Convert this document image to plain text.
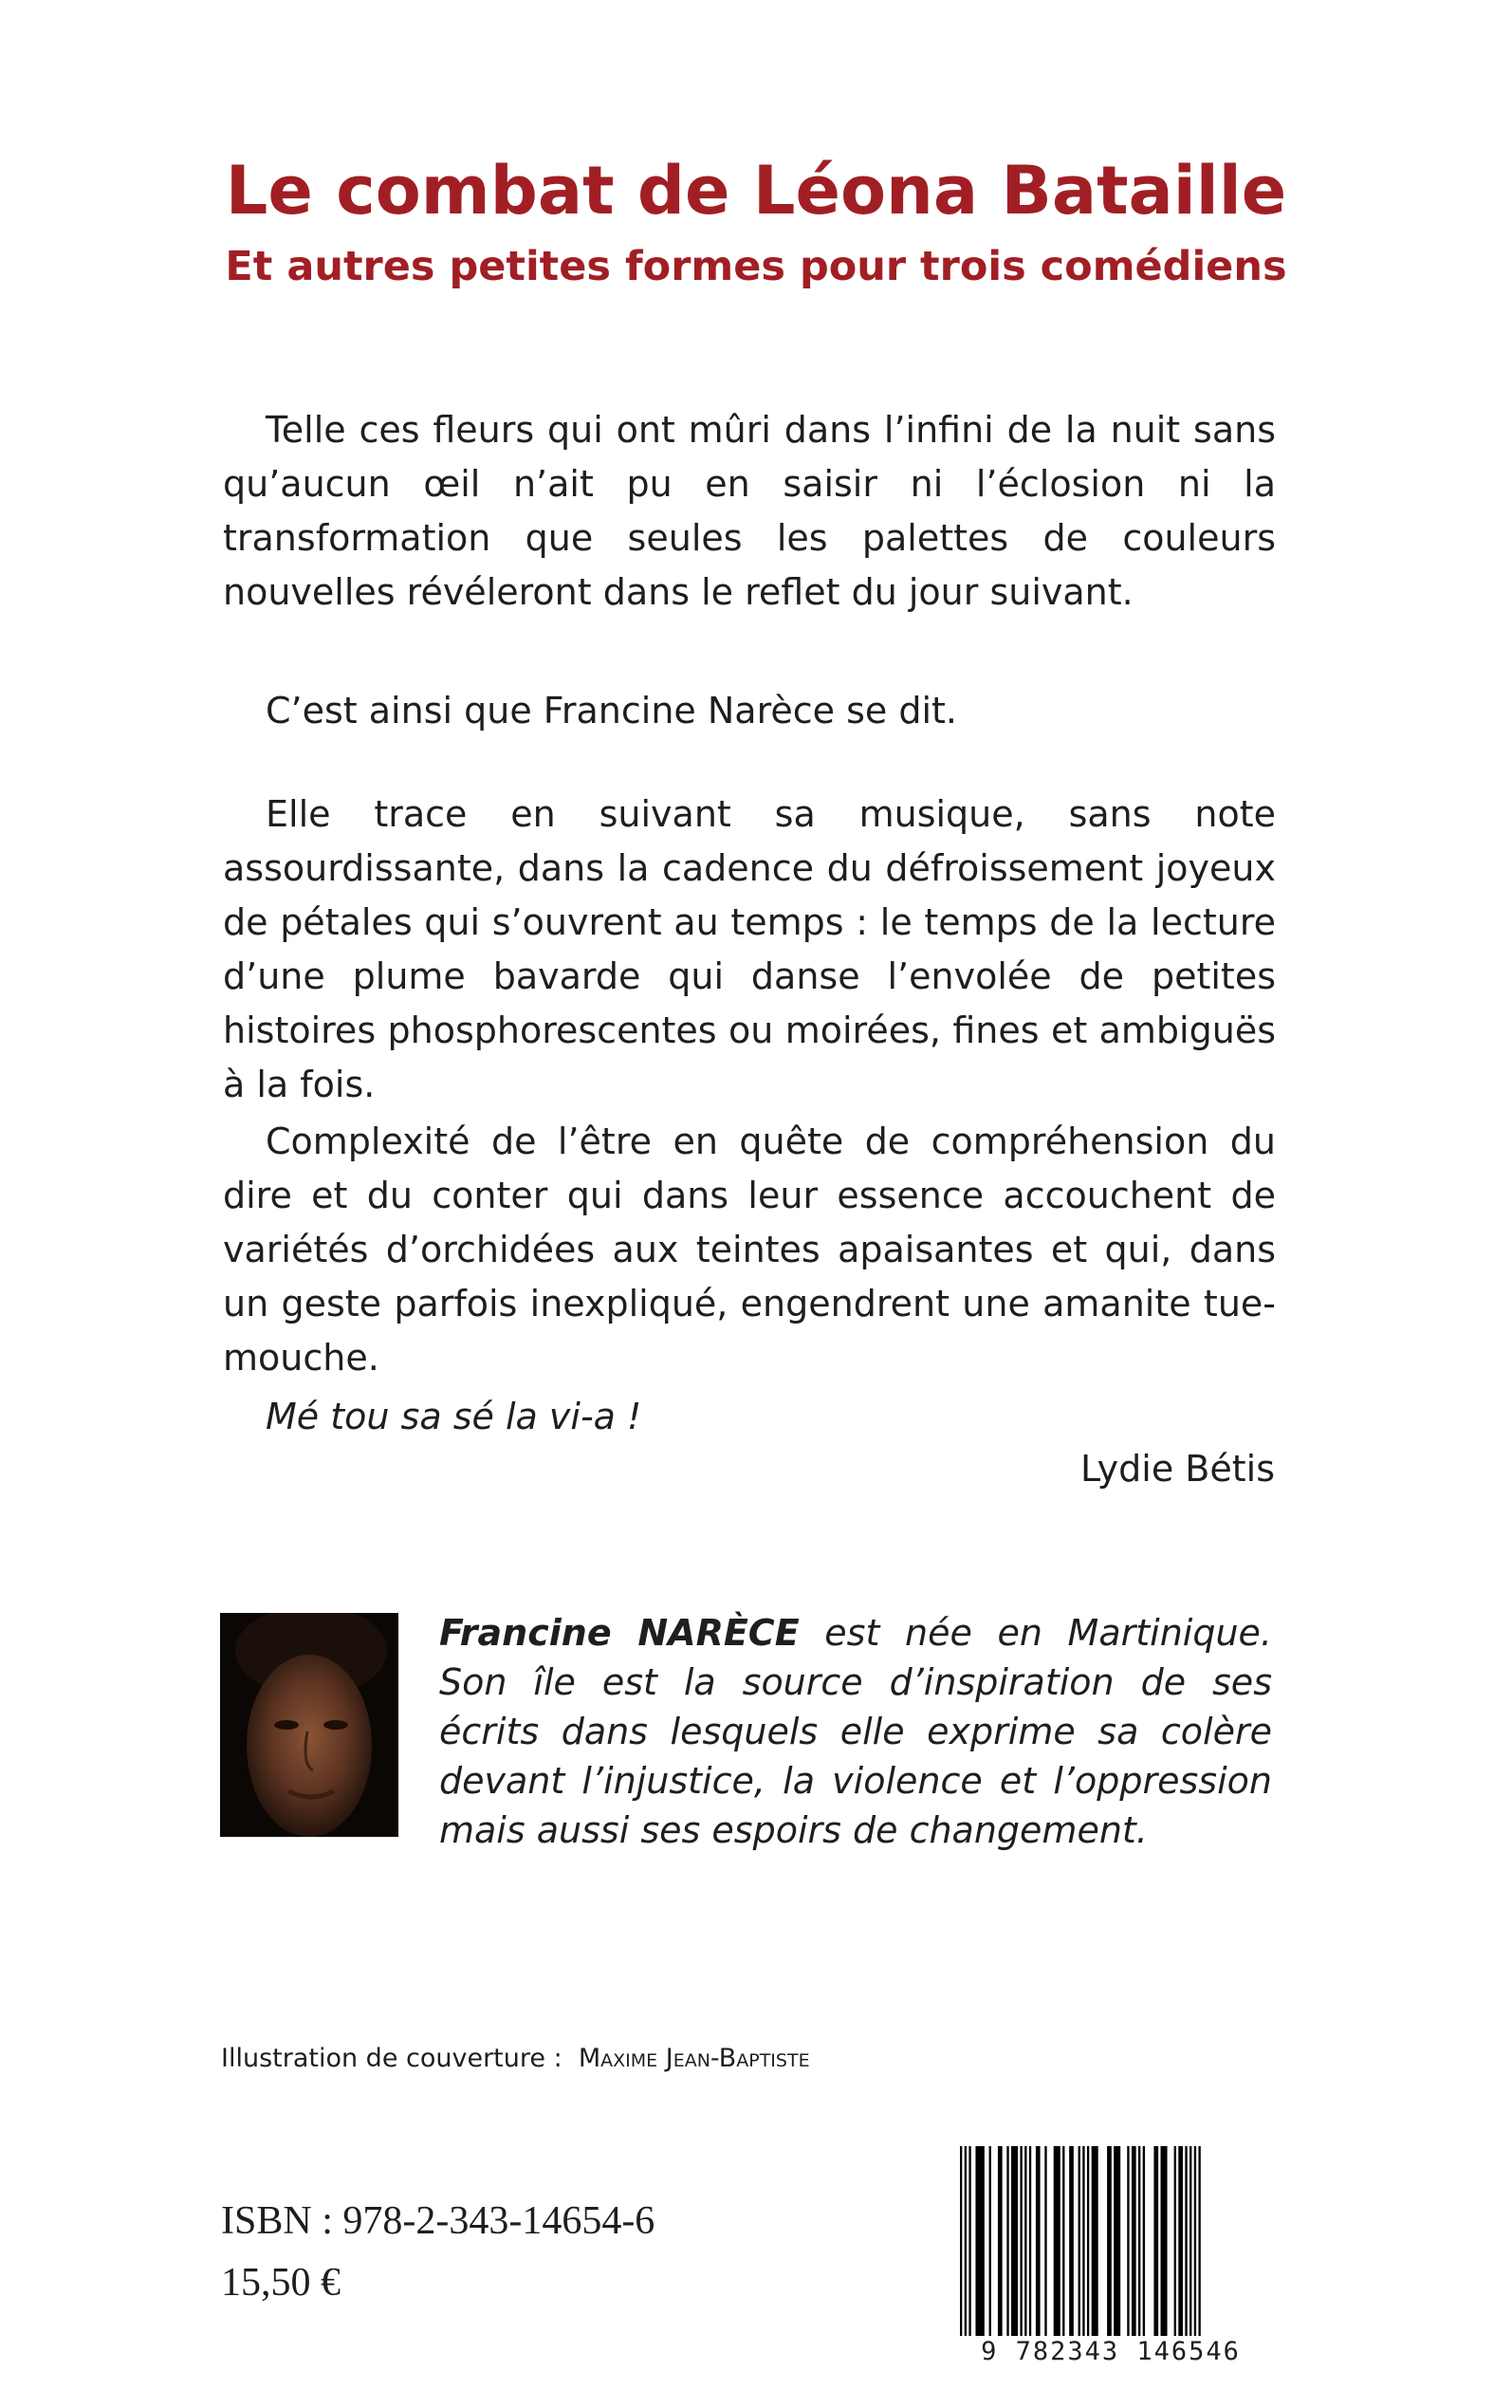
Le combat de Léona Bataille
Et autres petites formes pour trois comédiens
Telle ces fleurs qui ont mûri dans l’infini de la nuit sans qu’aucun œil n’ait pu en saisir ni l’éclosion ni la transformation que seules les palettes de couleurs nouvelles révéleront dans le reflet du jour suivant.
C’est ainsi que Francine Narèce se dit.
Elle trace en suivant sa musique, sans note assourdissante, dans la cadence du défroissement joyeux de pétales qui s’ouvrent au temps : le temps de la lecture d’une plume bavarde qui danse l’envolée de petites histoires phosphorescentes ou moirées, fines et ambiguës à la fois.
Complexité de l’être en quête de compréhension du dire et du conter qui dans leur essence accouchent de variétés d’orchidées aux teintes apaisantes et qui, dans un geste parfois inexpliqué, engendrent une amanite tue-mouche.
Mé tou sa sé la vi-a !
Lydie Bétis
Francine NARÈCE est née en Martinique. Son île est la source d’inspiration de ses écrits dans lesquels elle exprime sa colère devant l’injustice, la violence et l’oppression mais aussi ses espoirs de changement.
Illustration de couverture : Maxime Jean-Baptiste
ISBN : 978-2-343-14654-6
15,50 €
9 782343 146546
